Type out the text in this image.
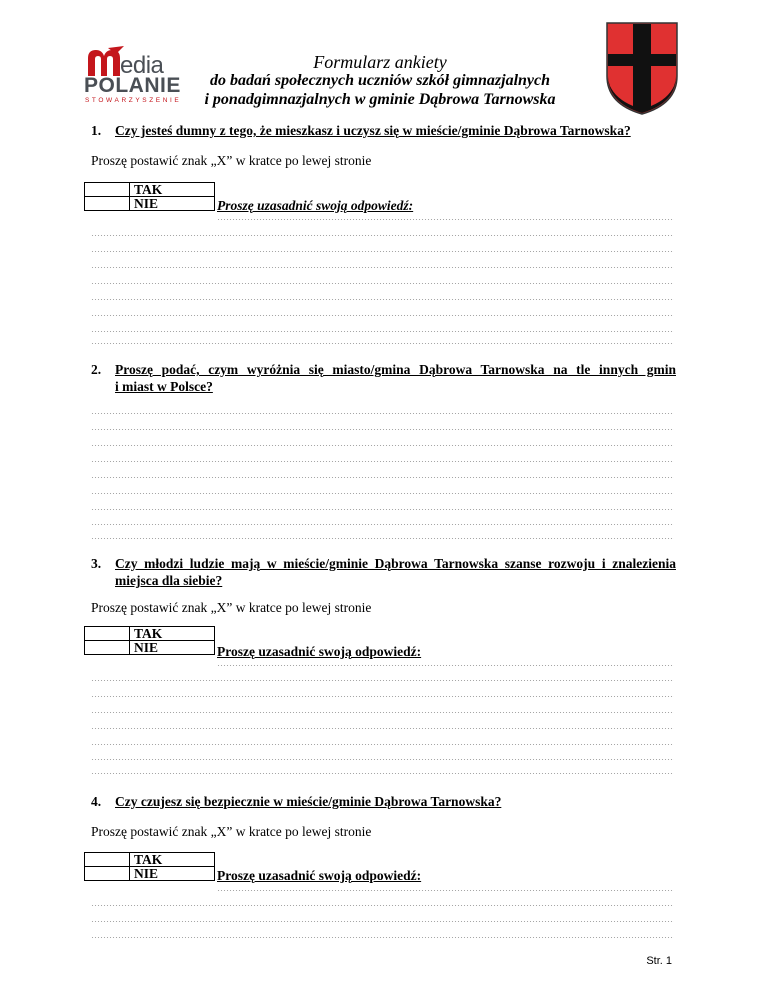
edia
POLANIE
STOWARZYSZENIE
Formularz ankiety
do badań społecznych uczniów szkół gimnazjalnych
i ponadgimnazjalnych w gminie Dąbrowa Tarnowska
1. Czy jesteś dumny z tego, że mieszkasz i uczysz się w mieście/gminie Dąbrowa Tarnowska?
Proszę postawić znak „X” w kratce po lewej stronie
	TAK
	NIE	Proszę uzasadnić swoją odpowiedź:
2.	Proszę podać, czym wyróżnia się miasto/gmina Dąbrowa Tarnowska na tle innych gmin
i miast w Polsce?
3.	Czy młodzi ludzie mają w mieście/gminie Dąbrowa Tarnowska szanse rozwoju i znalezienia
miejsca dla siebie?
Proszę postawić znak „X” w kratce po lewej stronie
	TAK
	NIE	Proszę uzasadnić swoją odpowiedź:
4. Czy czujesz się bezpiecznie w mieście/gminie Dąbrowa Tarnowska?
Proszę postawić znak „X” w kratce po lewej stronie
	TAK
	NIE	Proszę uzasadnić swoją odpowiedź:
Str. 1
